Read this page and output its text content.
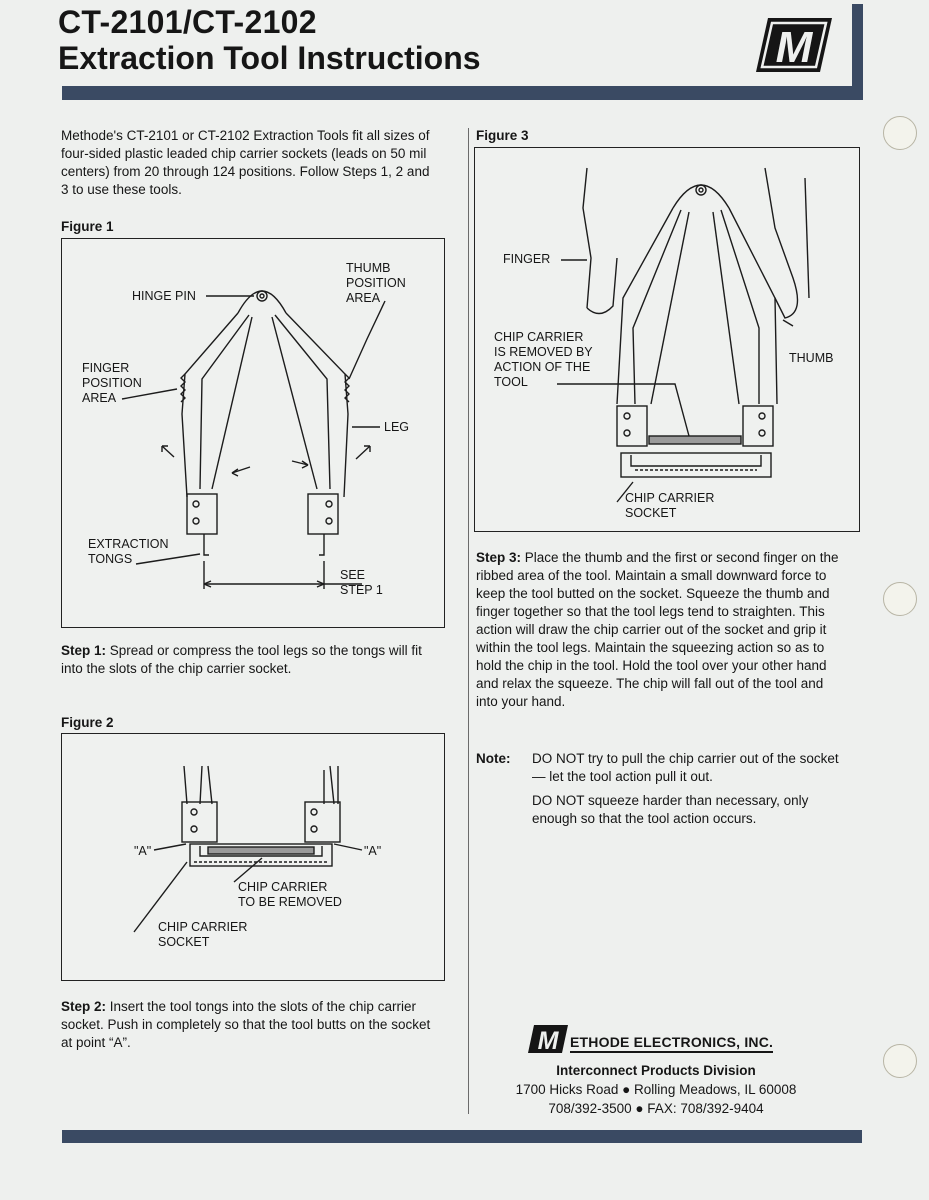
CT-2101/CT-2102
Extraction Tool Instructions	M
Methode's CT-2101 or CT-2102 Extraction Tools fit all sizes of four-sided plastic leaded chip carrier sockets (leads on 50 mil centers) from 20 through 124 positions. Follow Steps 1, 2 and 3 to use these tools.
Figure 1
HINGE PIN
THUMB
POSITION
AREA
FINGER
POSITION
AREA
LEG
EXTRACTION
TONGS
SEE
STEP 1
Step 1: Spread or compress the tool legs so the tongs will fit into the slots of the chip carrier socket.
Figure 2
"A"	"A"
CHIP CARRIER
TO BE REMOVED
CHIP CARRIER
SOCKET
Step 2: Insert the tool tongs into the slots of the chip carrier socket. Push in completely so that the tool butts on the socket at point “A”.
Figure 3
FINGER
THUMB
CHIP CARRIER
IS REMOVED BY
ACTION OF THE
TOOL
CHIP CARRIER
SOCKET
Step 3: Place the thumb and the first or second finger on the ribbed area of the tool. Maintain a small downward force to keep the tool butted on the socket. Squeeze the thumb and finger together so that the tool legs tend to straighten. This action will draw the chip carrier out of the socket and grip it within the tool legs. Maintain the squeezing action so as to hold the chip in the tool. Hold the tool over your other hand and relax the squeeze. The chip will fall out of the tool and into your hand.
Note: DO NOT try to pull the chip carrier out of the socket — let the tool action pull it out.
DO NOT squeeze harder than necessary, only enough so that the tool action occurs.
M ETHODE ELECTRONICS, INC.
Interconnect Products Division
1700 Hicks Road ● Rolling Meadows, IL 60008
708/392-3500 ● FAX: 708/392-9404
